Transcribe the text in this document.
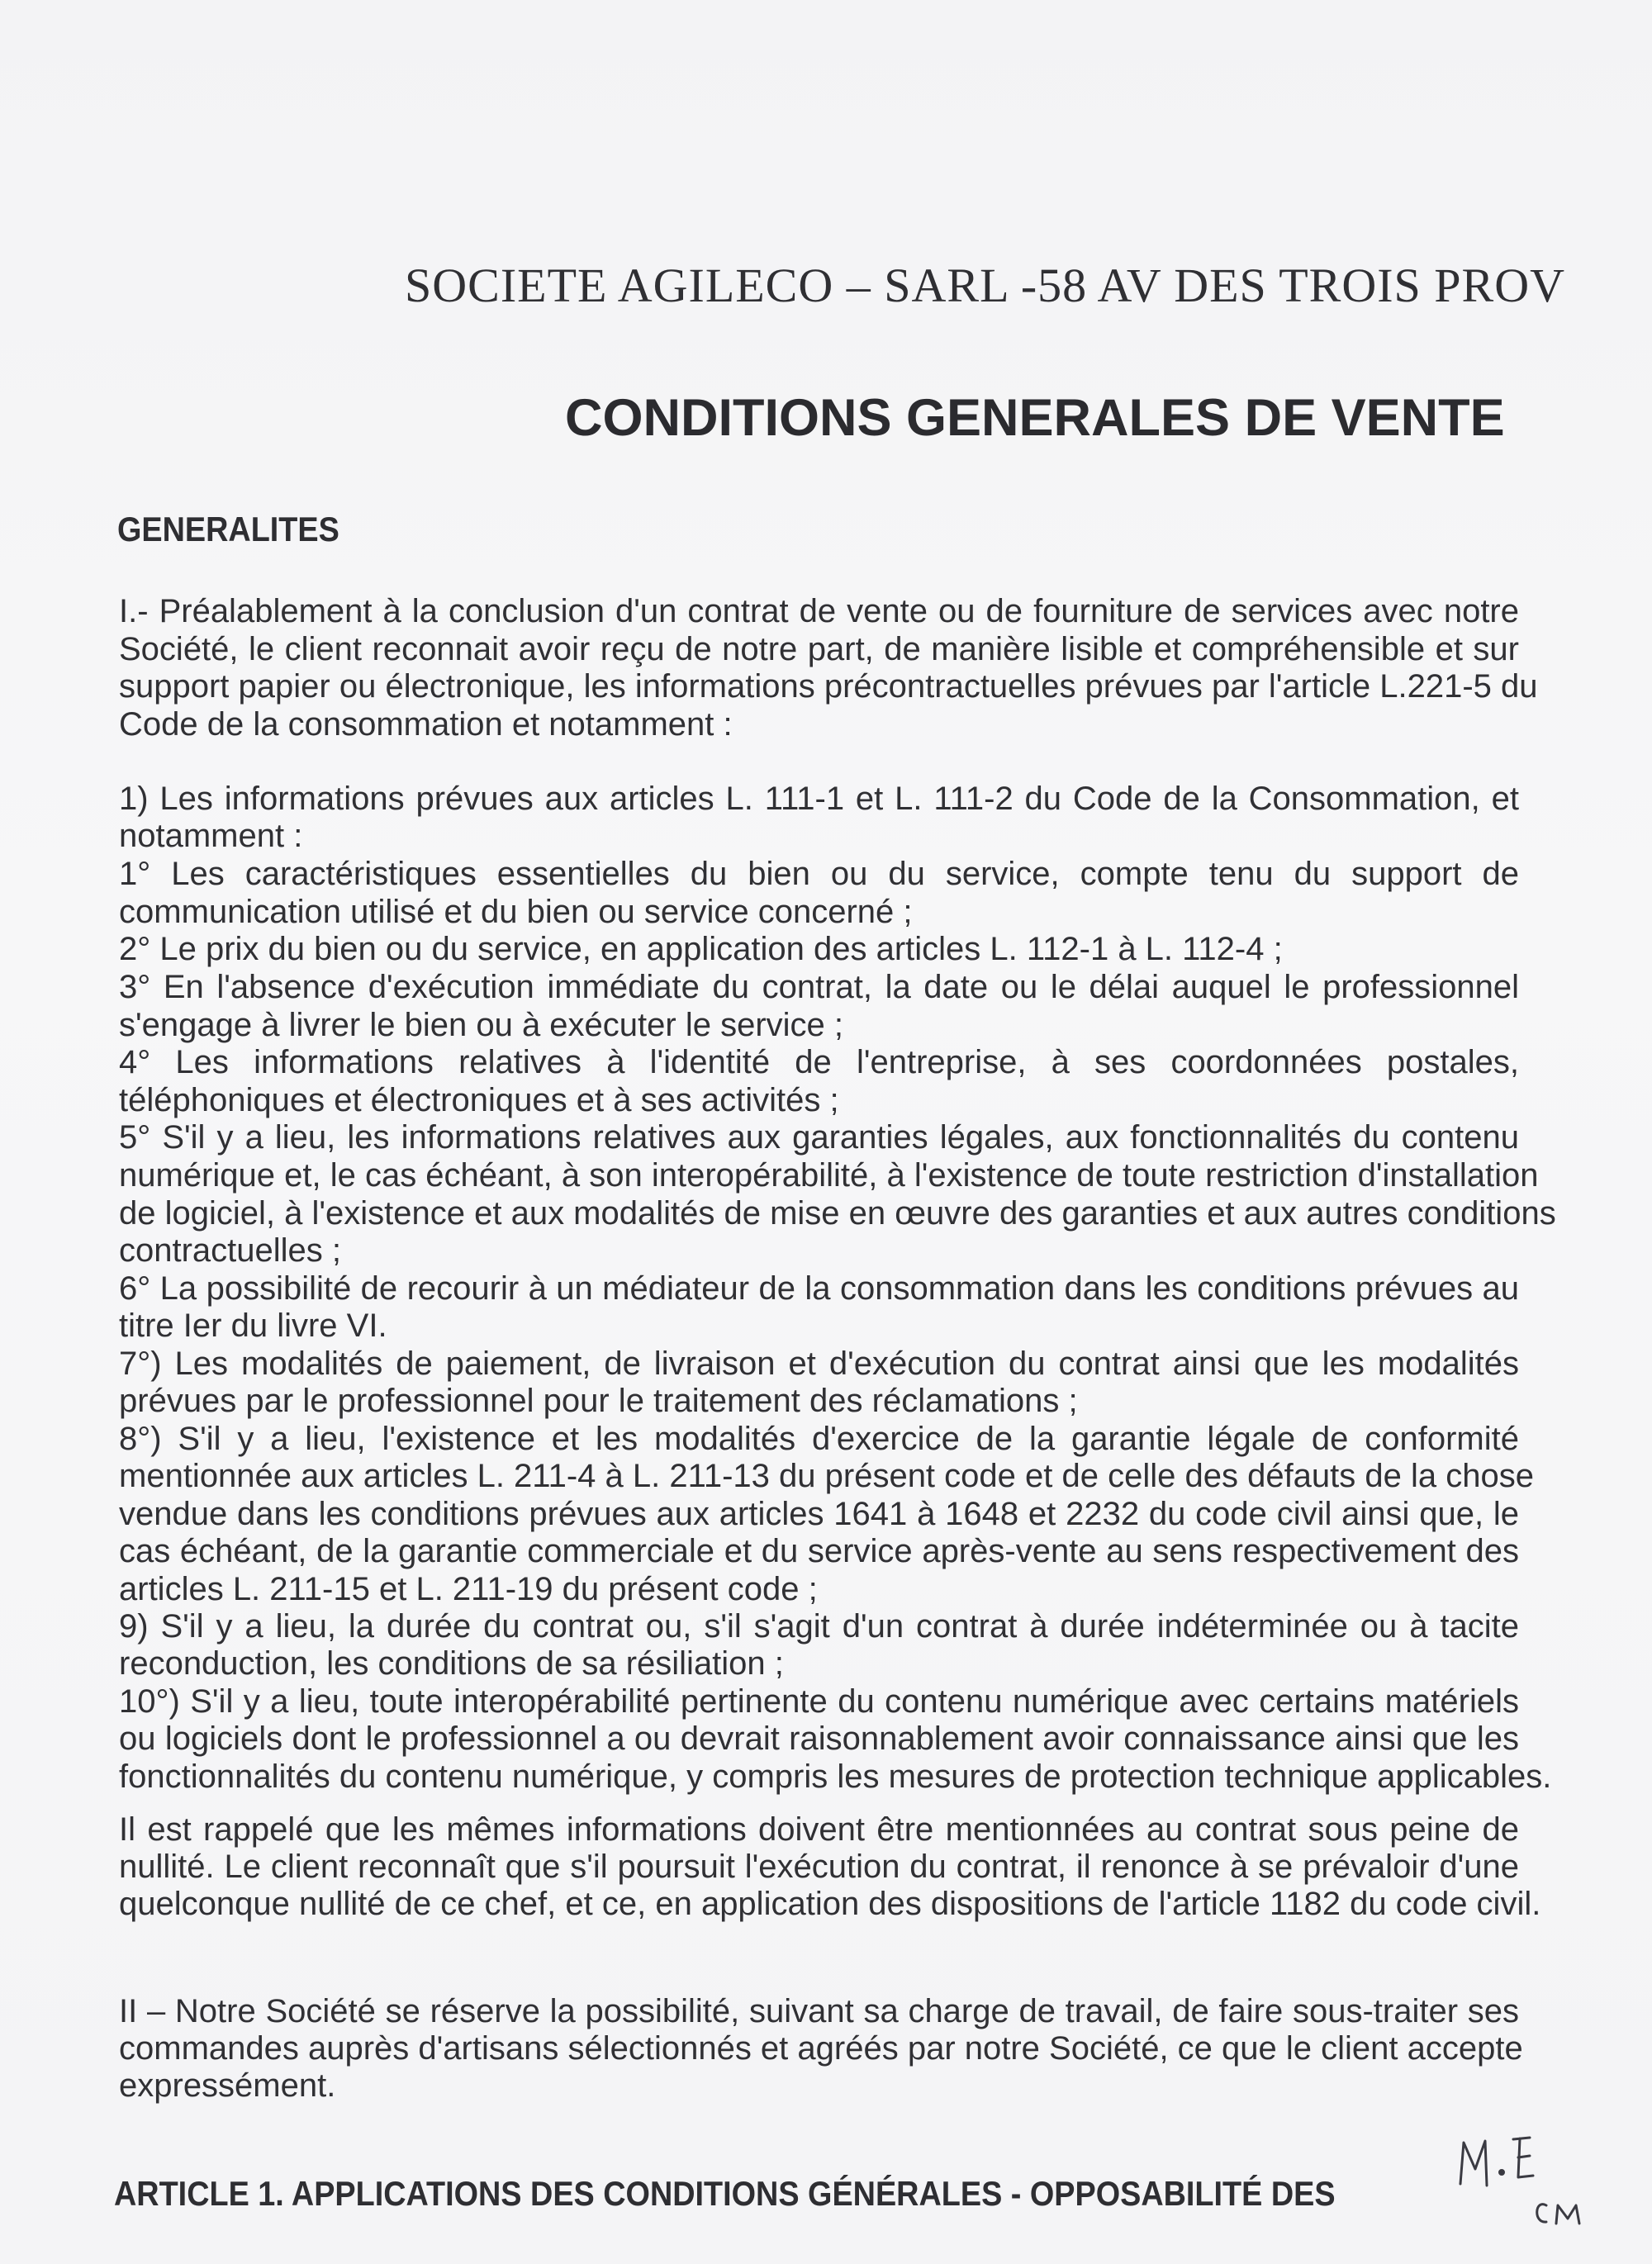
SOCIETE AGILECO – SARL -58 AV DES TROIS PROV
CONDITIONS GENERALES DE VENTE
GENERALITES
I.- Préalablement à la conclusion d'un contrat de vente ou de fourniture de services avec notre
Société, le client reconnait avoir reçu de notre part, de manière lisible et compréhensible et sur
support papier ou électronique, les informations précontractuelles prévues par l'article L.221-5 du
Code de la consommation et notamment :
1) Les informations prévues aux articles L. 111-1 et L. 111-2 du Code de la Consommation, et
notamment :
1° Les caractéristiques essentielles du bien ou du service, compte tenu du support de
communication utilisé et du bien ou service concerné ;
2° Le prix du bien ou du service, en application des articles L. 112-1 à L. 112-4 ;
3° En l'absence d'exécution immédiate du contrat, la date ou le délai auquel le professionnel
s'engage à livrer le bien ou à exécuter le service ;
4° Les informations relatives à l'identité de l'entreprise, à ses coordonnées postales,
téléphoniques et électroniques et à ses activités ;
5° S'il y a lieu, les informations relatives aux garanties légales, aux fonctionnalités du contenu
numérique et, le cas échéant, à son interopérabilité, à l'existence de toute restriction d'installation
de logiciel, à l'existence et aux modalités de mise en œuvre des garanties et aux autres conditions
contractuelles ;
6° La possibilité de recourir à un médiateur de la consommation dans les conditions prévues au
titre Ier du livre VI.
7°) Les modalités de paiement, de livraison et d'exécution du contrat ainsi que les modalités
prévues par le professionnel pour le traitement des réclamations ;
8°) S'il y a lieu, l'existence et les modalités d'exercice de la garantie légale de conformité
mentionnée aux articles L. 211-4 à L. 211-13 du présent code et de celle des défauts de la chose
vendue dans les conditions prévues aux articles 1641 à 1648 et 2232 du code civil ainsi que, le
cas échéant, de la garantie commerciale et du service après-vente au sens respectivement des
articles L. 211-15 et L. 211-19 du présent code ;
9) S'il y a lieu, la durée du contrat ou, s'il s'agit d'un contrat à durée indéterminée ou à tacite
reconduction, les conditions de sa résiliation ;
10°) S'il y a lieu, toute interopérabilité pertinente du contenu numérique avec certains matériels
ou logiciels dont le professionnel a ou devrait raisonnablement avoir connaissance ainsi que les
fonctionnalités du contenu numérique, y compris les mesures de protection technique applicables.
Il est rappelé que les mêmes informations doivent être mentionnées au contrat sous peine de
nullité. Le client reconnaît que s'il poursuit l'exécution du contrat, il renonce à se prévaloir d'une
quelconque nullité de ce chef, et ce, en application des dispositions de l'article 1182 du code civil.
II – Notre Société se réserve la possibilité, suivant sa charge de travail, de faire sous-traiter ses
commandes auprès d'artisans sélectionnés et agréés par notre Société, ce que le client accepte
expressément.
ARTICLE 1. APPLICATIONS DES CONDITIONS GÉNÉRALES - OPPOSABILITÉ DES
